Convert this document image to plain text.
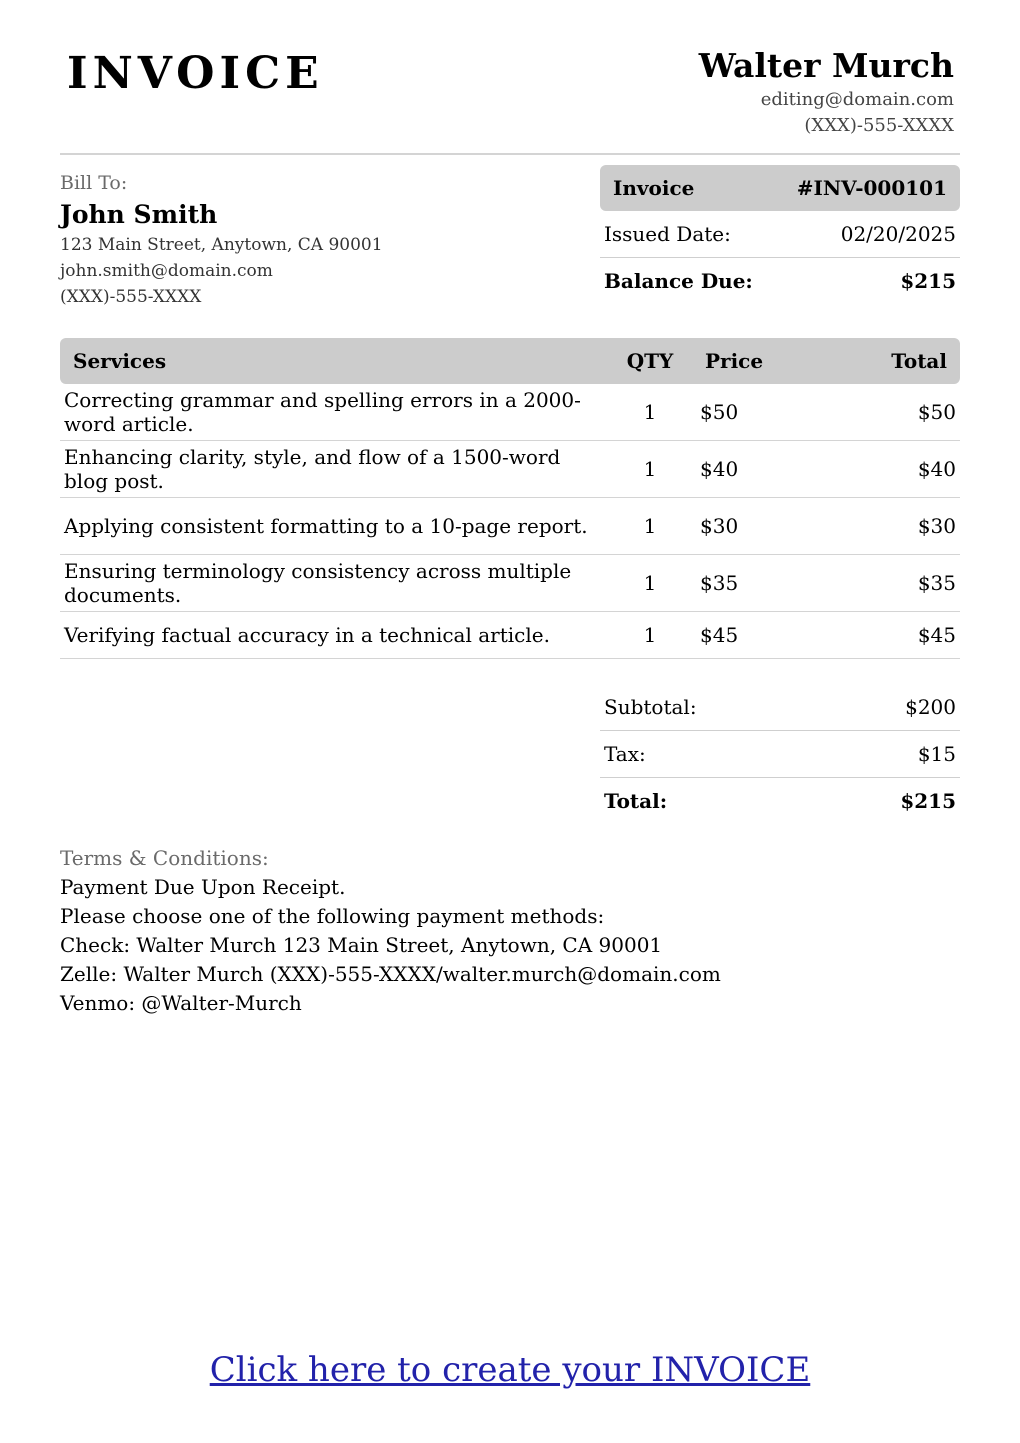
INVOICE	Walter Murch
editing@domain.com
(XXX)-555-XXXX
Bill To:
John Smith
123 Main Street, Anytown, CA 90001
john.smith@domain.com
(XXX)-555-XXXX
Invoice	#INV-000101
Issued Date:	02/20/2025
Balance Due:	$215
Services	QTY	Price	Total
Correcting grammar and spelling errors in a 2000-word article.	1	$50	$50
Enhancing clarity, style, and flow of a 1500-word blog post.	1	$40	$40
Applying consistent formatting to a 10-page report.	1	$30	$30
Ensuring terminology consistency across multiple documents.	1	$35	$35
Verifying factual accuracy in a technical article.	1	$45	$45
Subtotal:	$200
Tax:	$15
Total:	$215
Terms & Conditions:
Payment Due Upon Receipt.
Please choose one of the following payment methods:
Check: Walter Murch 123 Main Street, Anytown, CA 90001
Zelle: Walter Murch (XXX)-555-XXXX/walter.murch@domain.com
Venmo: @Walter-Murch
Click here to create your INVOICE
